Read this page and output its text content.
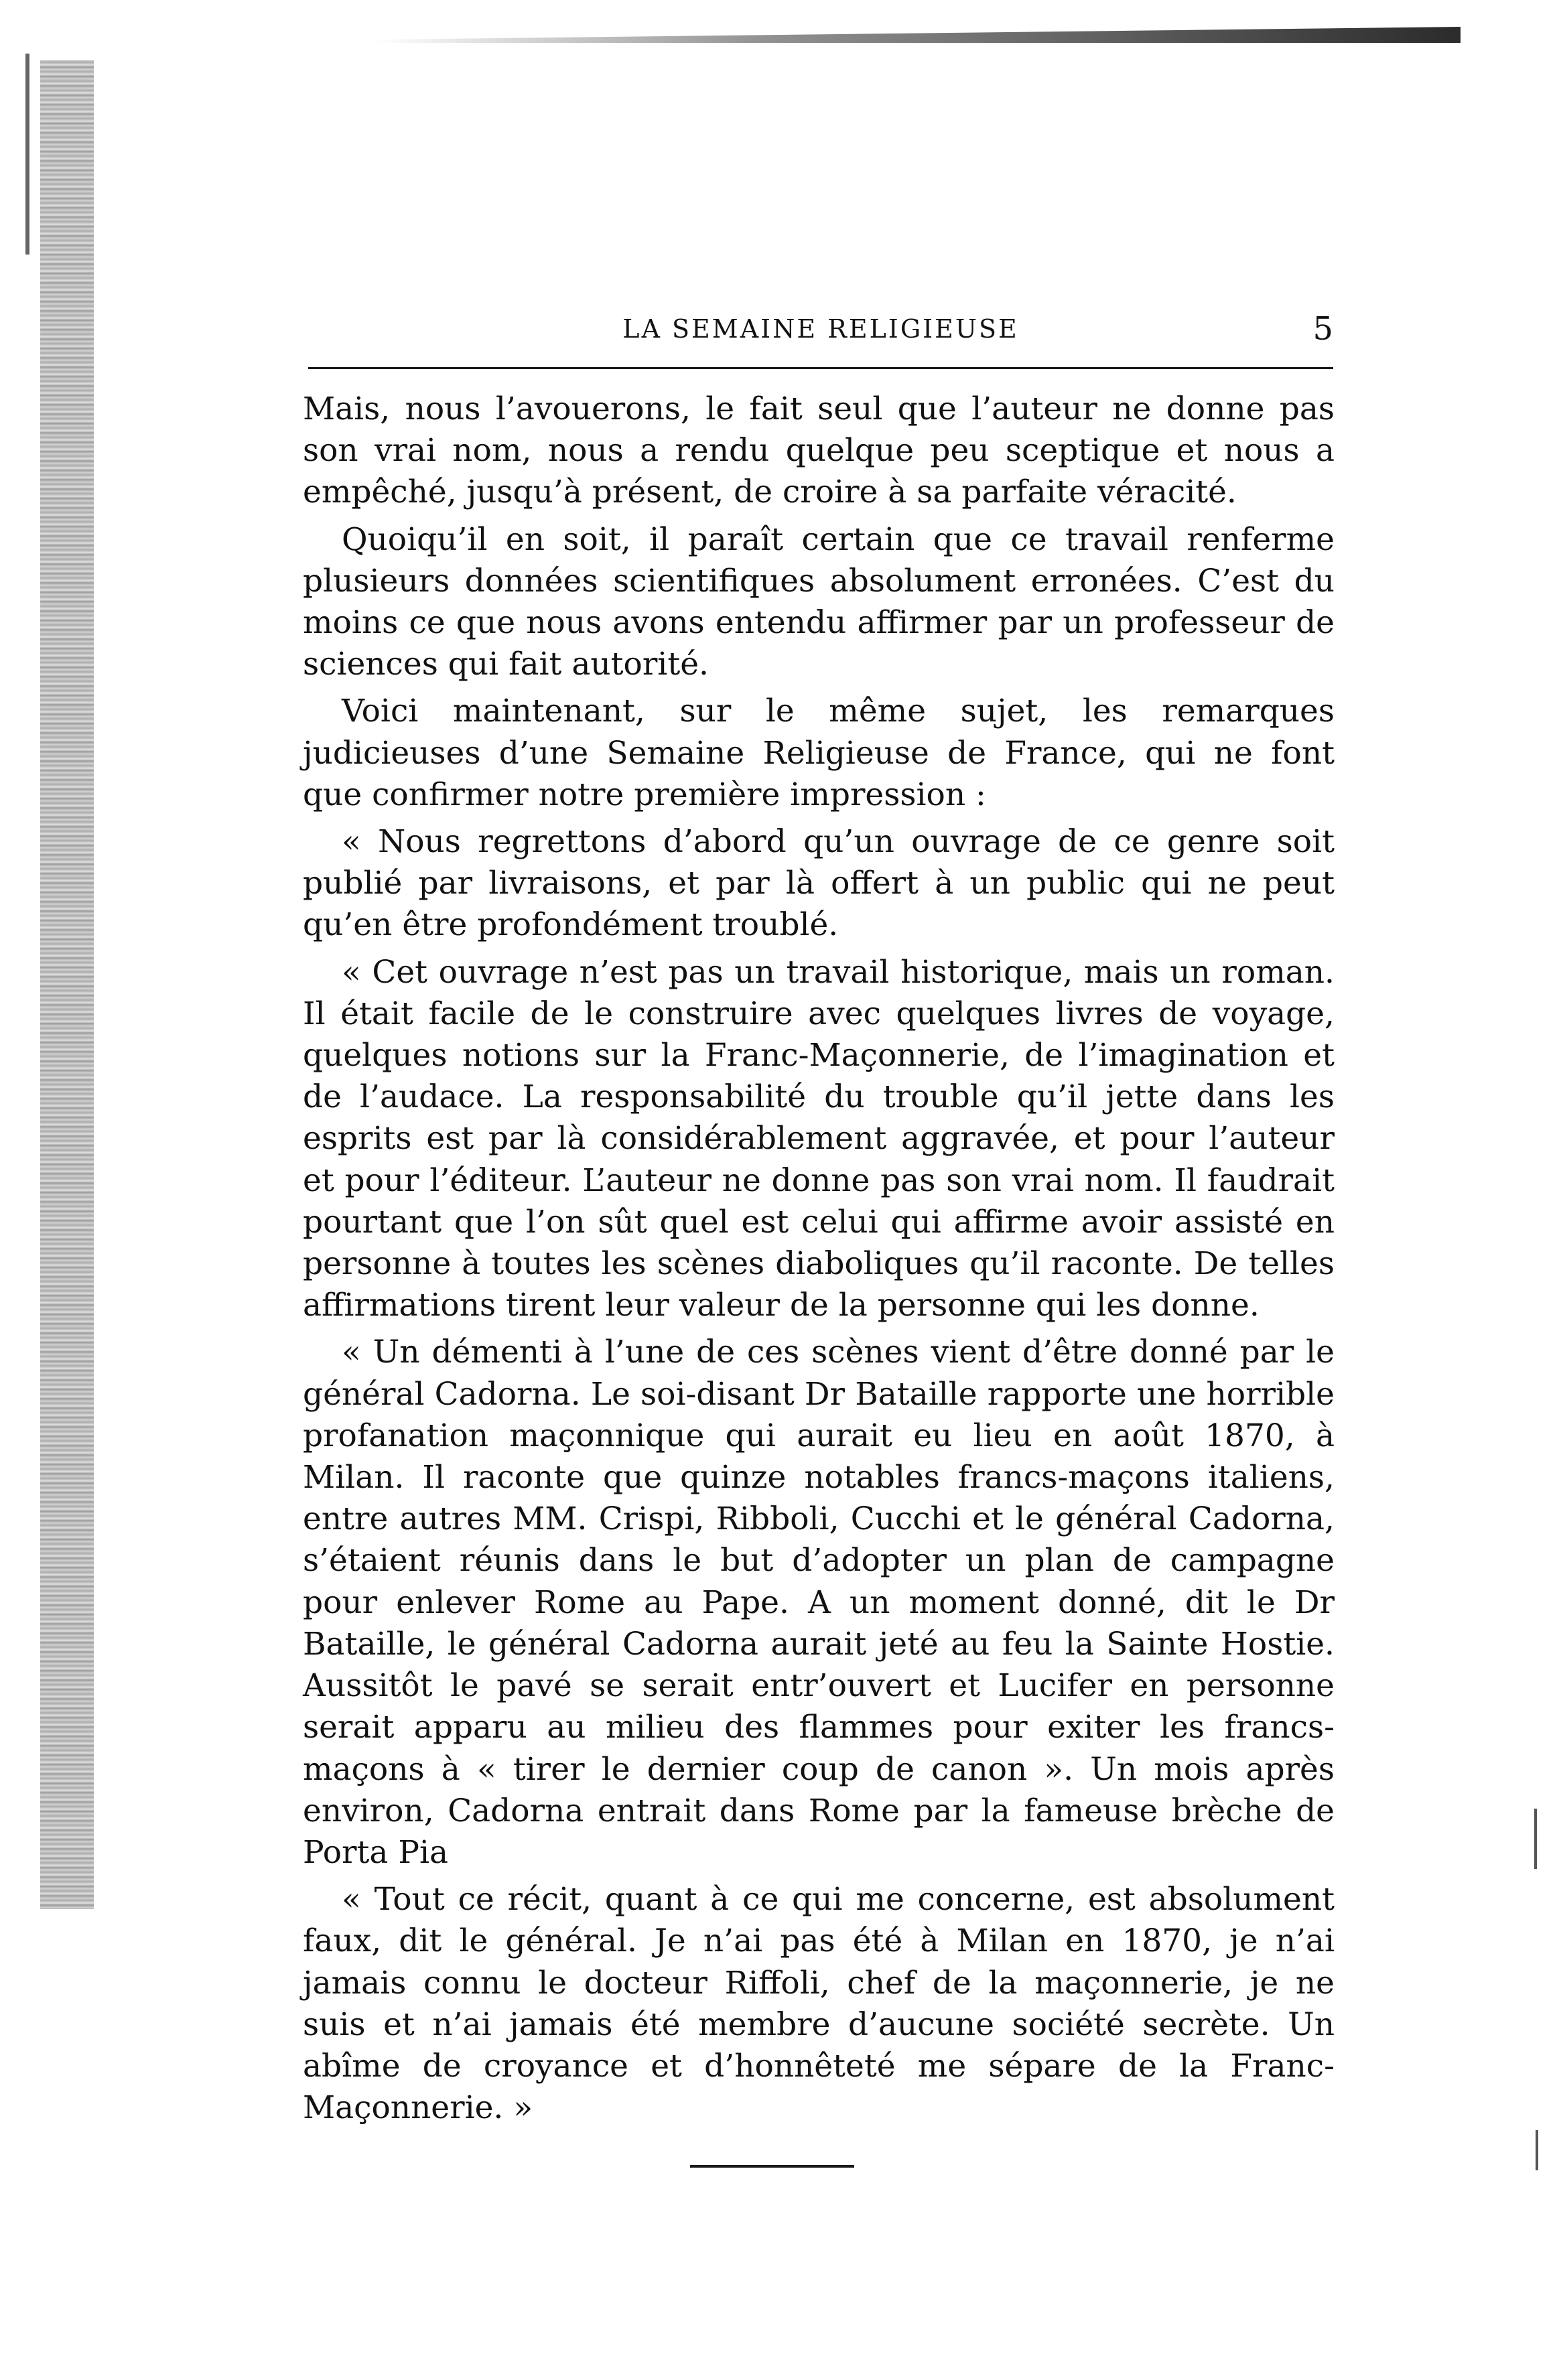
LA SEMAINE RELIGIEUSE	5

Mais, nous l’avouerons, le fait seul que l’auteur ne donne pas son vrai nom, nous a rendu quelque peu sceptique et nous a empêché, jusqu’à présent, de croire à sa parfaite véracité.

Quoiqu’il en soit, il paraît certain que ce travail renferme plusieurs données scientifiques absolument erronées. C’est du moins ce que nous avons entendu affirmer par un professeur de sciences qui fait autorité.

Voici maintenant, sur le même sujet, les remarques judicieuses d’une Semaine Religieuse de France, qui ne font que confirmer notre première impression :

« Nous regrettons d’abord qu’un ouvrage de ce genre soit publié par livraisons, et par là offert à un public qui ne peut qu’en être profondément troublé.

« Cet ouvrage n’est pas un travail historique, mais un roman. Il était facile de le construire avec quelques livres de voyage, quelques notions sur la Franc-Maçonnerie, de l’imagination et de l’audace. La responsabilité du trouble qu’il jette dans les esprits est par là considérablement aggravée, et pour l’auteur et pour l’éditeur. L’auteur ne donne pas son vrai nom. Il faudrait pourtant que l’on sût quel est celui qui affirme avoir assisté en personne à toutes les scènes diaboliques qu’il raconte. De telles affirmations tirent leur valeur de la personne qui les donne.

« Un démenti à l’une de ces scènes vient d’être donné par le général Cadorna. Le soi-disant Dr Bataille rapporte une horrible profanation maçonnique qui aurait eu lieu en août 1870, à Milan. Il raconte que quinze notables francs-maçons italiens, entre autres MM. Crispi, Ribboli, Cucchi et le général Cadorna, s’étaient réunis dans le but d’adopter un plan de campagne pour enlever Rome au Pape. A un moment donné, dit le Dr Bataille, le général Cadorna aurait jeté au feu la Sainte Hostie. Aussitôt le pavé se serait entr’ouvert et Lucifer en personne serait apparu au milieu des flammes pour exiter les francs-maçons à « tirer le dernier coup de canon ». Un mois après environ, Cadorna entrait dans Rome par la fameuse brèche de Porta Pia

« Tout ce récit, quant à ce qui me concerne, est absolument faux, dit le général. Je n’ai pas été à Milan en 1870, je n’ai jamais connu le docteur Riffoli, chef de la maçonnerie, je ne suis et n’ai jamais été membre d’aucune société secrète. Un abîme de croyance et d’honnêteté me sépare de la Franc-Maçonnerie. »
